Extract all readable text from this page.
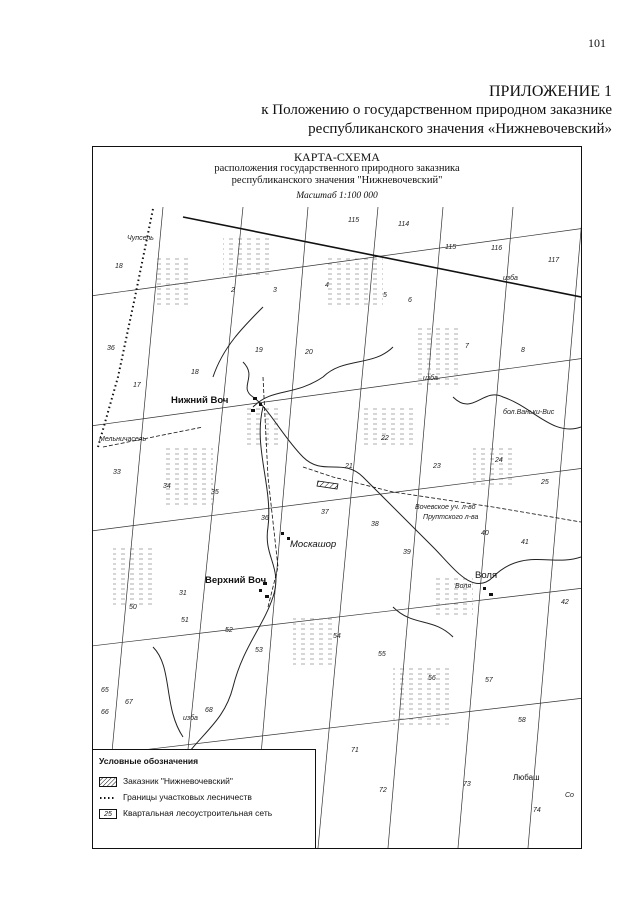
101
ПРИЛОЖЕНИЕ 1
к Положению о государственном природном заказнике
республиканского значения «Нижневочевский»
КАРТА-СХЕМА
расположения государственного природного заказника
республиканского значения "Нижневочевский"
Масштаб 1:100 000
Нижний Воч
Верхний Воч
Москашор
Воля
Любаш
Чупсель
Мельничасель
Вочевское уч. л-во
Пруптского л-ва
бол.Ваньки-Вис
изба
изба
изба
Воля
Со
115
114
115	116
117
18
2	3
4
5
6
7
8
36	19	20
17
18
22
21	23
24
25
33
34
35
36
37
38
39
40
41
31
50
51
52
53
54
55
56	57
58
42
65
66
67
68
71
72
73
74
Условные обозначения
Заказник "Нижневочевский"
Границы участковых лесничеств
25 Квартальная лесоустроительная сеть
